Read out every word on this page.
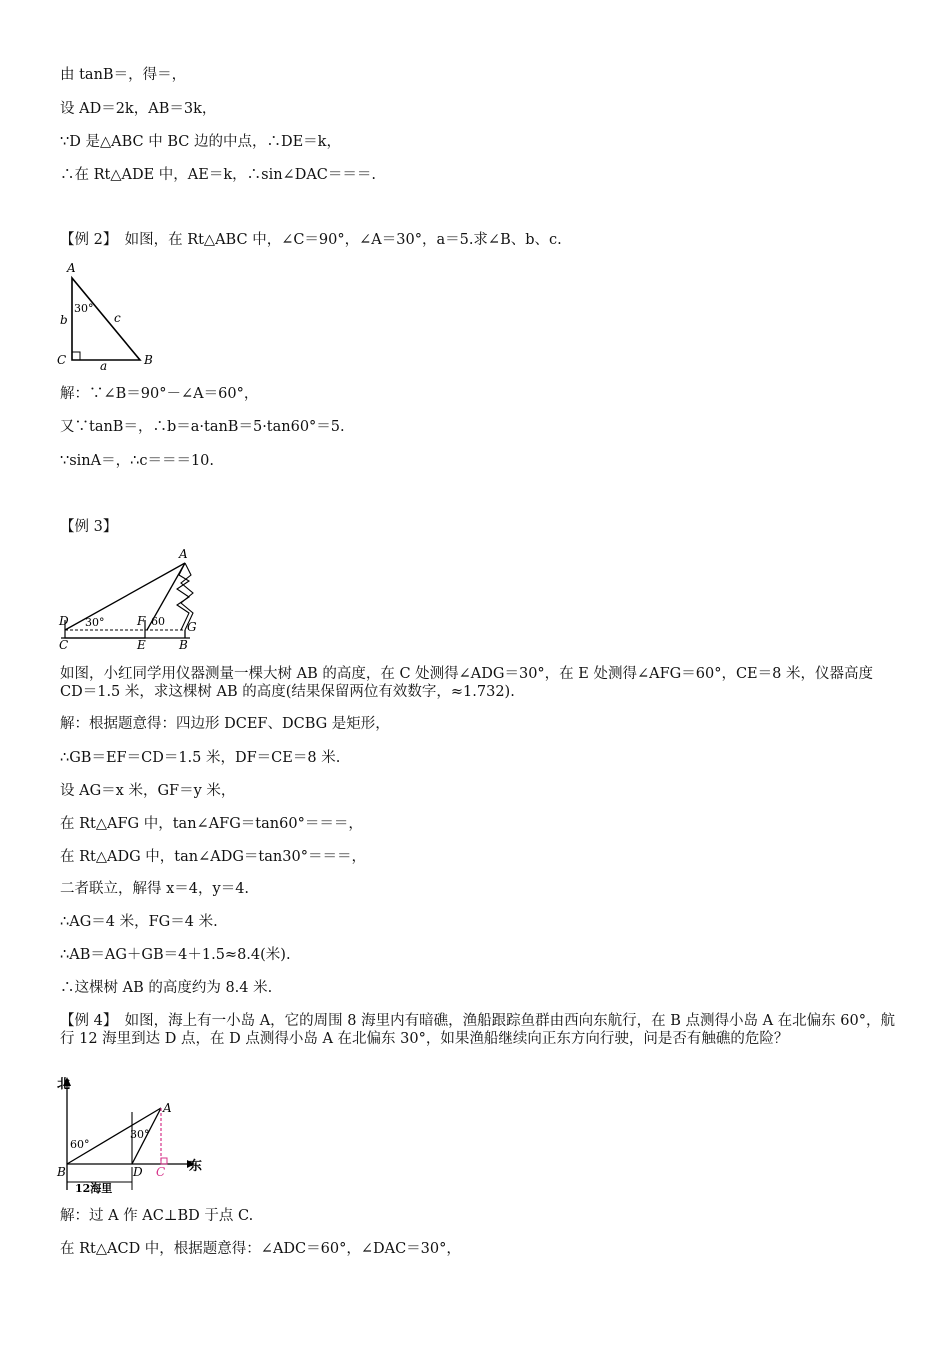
由 tanB＝，得＝，
设 AD＝2k，AB＝3k，
∵D 是△ABC 中 BC 边的中点，∴DE＝k，
∴在 Rt△ADE 中，AE＝k，∴sin∠DAC＝＝＝.
【例 2】　如图，在 Rt△ABC 中，∠C＝90°，∠A＝30°，a＝5.求∠B、b、c.
A
B
C	a
b	c
30°
解：∵∠B＝90°－∠A＝60°，
又∵tanB＝，∴b＝a·tanB＝5·tan60°＝5.
∵sinA＝，∴c＝＝＝10.
【例 3】
A
D
C
F
E	B
G
30°	60
如图，小红同学用仪器测量一棵大树 AB 的高度，在 C 处测得∠ADG＝30°，在 E 处测得∠AFG＝60°，CE＝8 米，仪器高度 CD＝1.5 米，求这棵树 AB 的高度(结果保留两位有效数字，≈1.732).
解：根据题意得：四边形 DCEF、DCBG 是矩形，
∴GB＝EF＝CD＝1.5 米，DF＝CE＝8 米.
设 AG＝x 米，GF＝y 米，
在 Rt△AFG 中，tan∠AFG＝tan60°＝＝＝，
在 Rt△ADG 中，tan∠ADG＝tan30°＝＝＝，
二者联立，解得 x＝4，y＝4.
∴AG＝4 米，FG＝4 米.
∴AB＝AG＋GB＝4＋1.5≈8.4(米).
∴这棵树 AB 的高度约为 8.4 米.
【例 4】　如图，海上有一小岛 A，它的周围 8 海里内有暗礁，渔船跟踪鱼群由西向东航行，在 B 点测得小岛 A 在北偏东 60°，航行 12 海里到达 D 点，在 D 点测得小岛 A 在北偏东 30°，如果渔船继续向正东方向行驶，问是否有触礁的危险？
北
东
A
B	D C
60°
30°
12海里
解：过 A 作 AC⊥BD 于点 C.
在 Rt△ACD 中，根据题意得：∠ADC＝60°，∠DAC＝30°，
